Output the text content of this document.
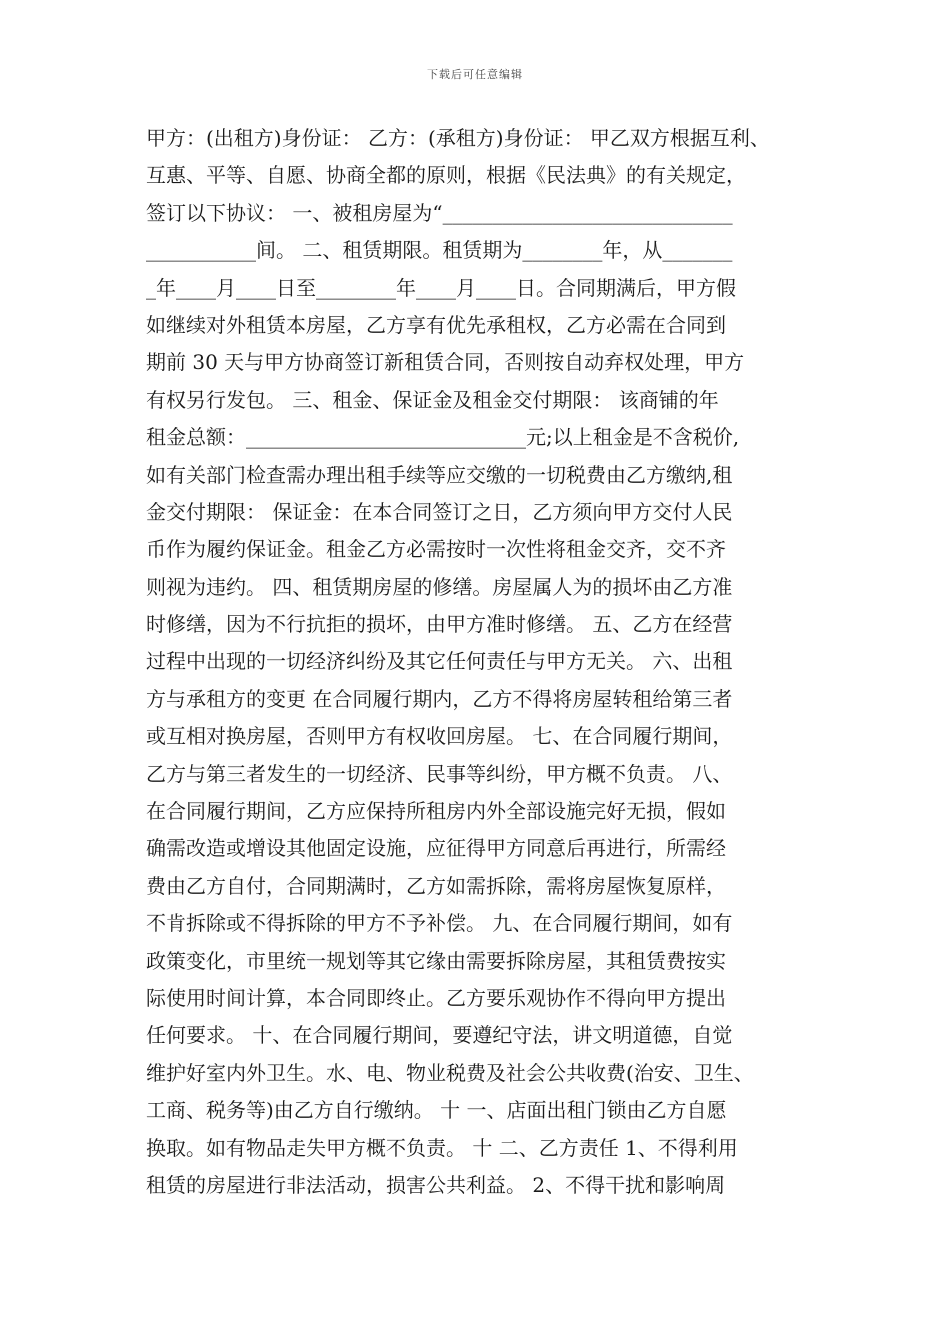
下载后可任意编辑
甲方：(出租方)身份证： 乙方：(承租方)身份证： 甲乙双方根据互利、
互惠、平等、自愿、协商全都的原则，根据《民法典》的有关规定，
签订以下协议： 一、被租房屋为“_____________________________
___________间。 二、租赁期限。租赁期为________年，从_______
_年____月____日至________年____月____日。合同期满后，甲方假
如继续对外租赁本房屋，乙方享有优先承租权，乙方必需在合同到
期前 30 天与甲方协商签订新租赁合同，否则按自动弃权处理，甲方
有权另行发包。 三、租金、保证金及租金交付期限： 该商铺的年
租金总额：____________________________元;以上租金是不含税价,
如有关部门检查需办理出租手续等应交缴的一切税费由乙方缴纳,租
金交付期限： 保证金：在本合同签订之日，乙方须向甲方交付人民
币作为履约保证金。租金乙方必需按时一次性将租金交齐，交不齐
则视为违约。 四、租赁期房屋的修缮。房屋属人为的损坏由乙方准
时修缮，因为不行抗拒的损坏，由甲方准时修缮。 五、乙方在经营
过程中出现的一切经济纠纷及其它任何责任与甲方无关。 六、出租
方与承租方的变更 在合同履行期内，乙方不得将房屋转租给第三者
或互相对换房屋，否则甲方有权收回房屋。 七、在合同履行期间，
乙方与第三者发生的一切经济、民事等纠纷，甲方概不负责。 八、
在合同履行期间，乙方应保持所租房内外全部设施完好无损，假如
确需改造或增设其他固定设施，应征得甲方同意后再进行，所需经
费由乙方自付，合同期满时，乙方如需拆除，需将房屋恢复原样，
不肯拆除或不得拆除的甲方不予补偿。 九、在合同履行期间，如有
政策变化，市里统一规划等其它缘由需要拆除房屋，其租赁费按实
际使用时间计算，本合同即终止。乙方要乐观协作不得向甲方提出
任何要求。 十、在合同履行期间，要遵纪守法，讲文明道德，自觉
维护好室内外卫生。水、电、物业税费及社会公共收费(治安、卫生、
工商、税务等)由乙方自行缴纳。 十 一、店面出租门锁由乙方自愿
换取。如有物品走失甲方概不负责。 十 二、乙方责任 1、不得利用
租赁的房屋进行非法活动，损害公共利益。 2、不得干扰和影响周
